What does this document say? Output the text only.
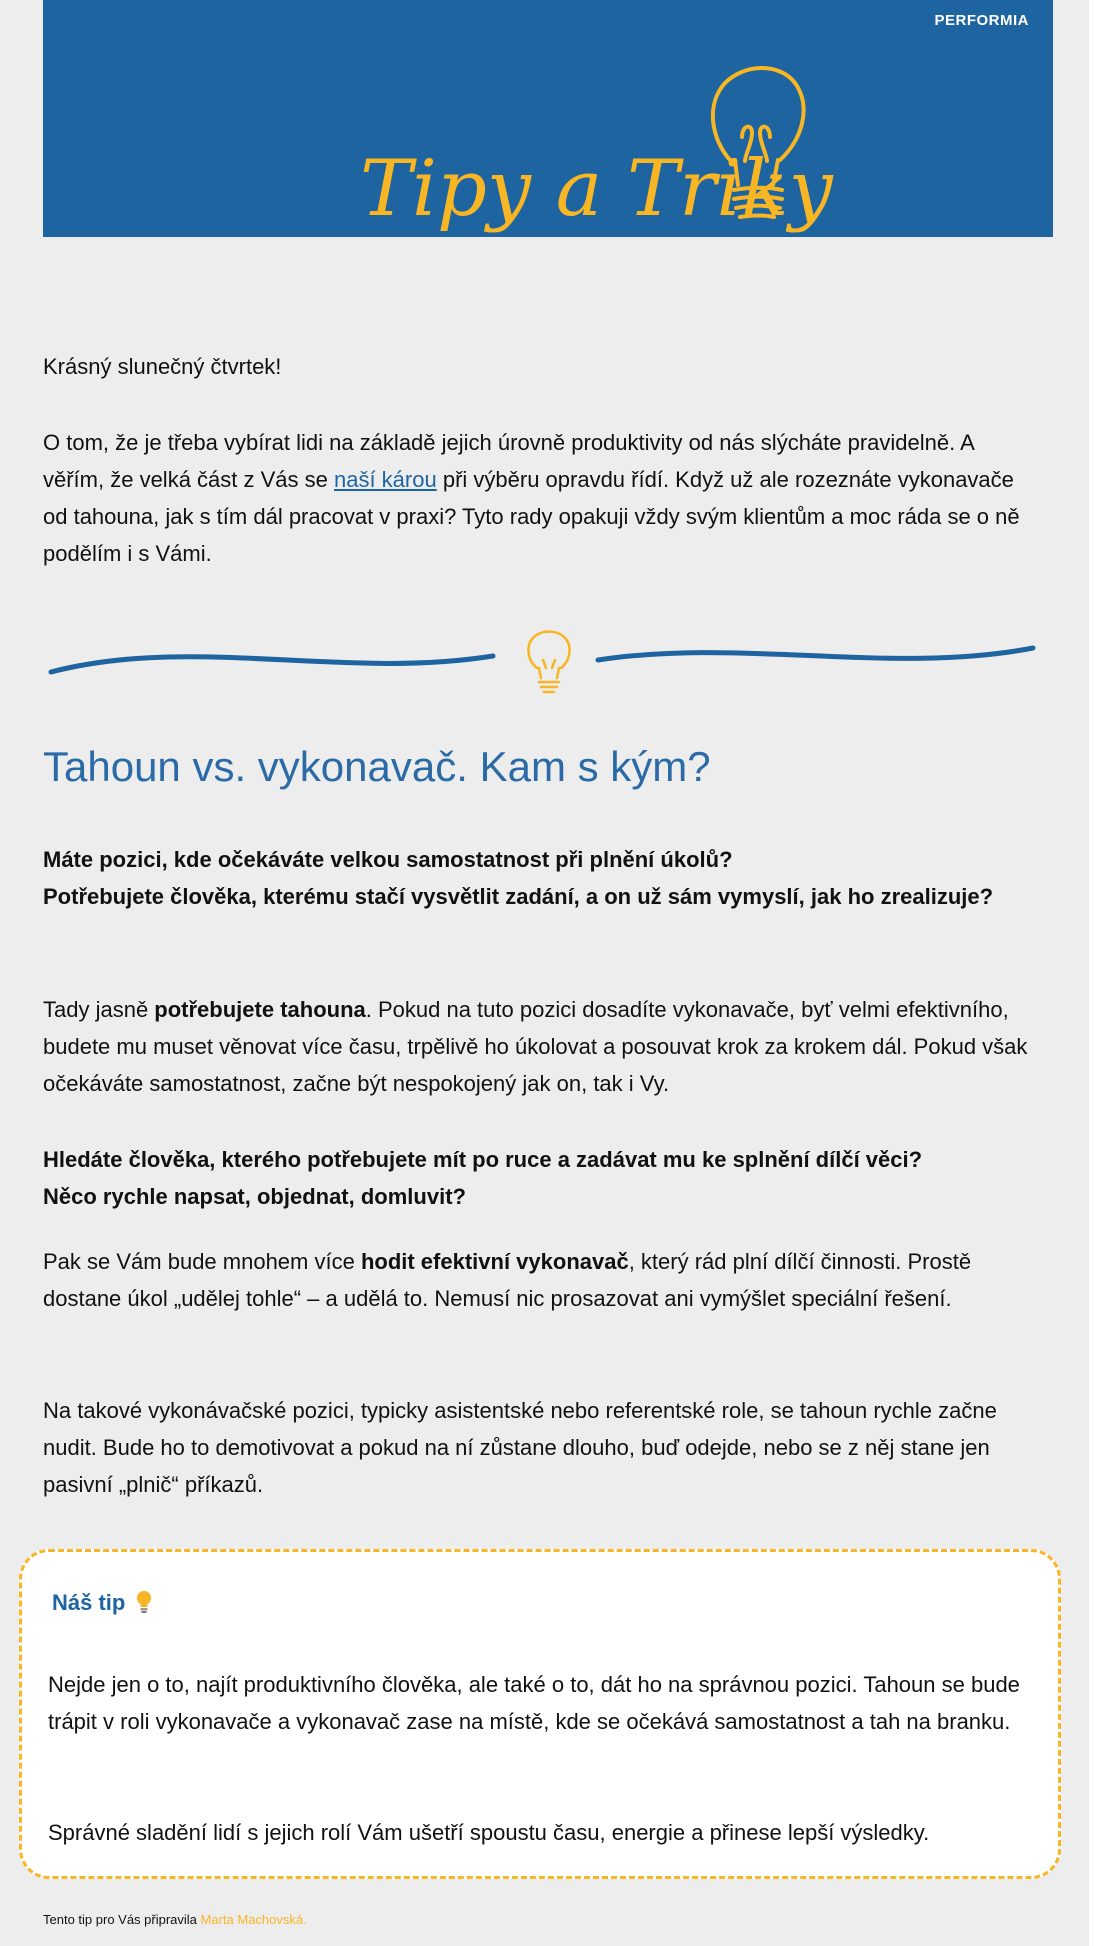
PERFORMIA
Tipy a Triky

Krásný slunečný čtvrtek!

O tom, že je třeba vybírat lidi na základě jejich úrovně produktivity od nás slýcháte pravidelně. A věřím, že velká část z Vás se naší károu při výběru opravdu řídí. Když už ale rozeznáte vykonavače od tahouna, jak s tím dál pracovat v praxi? Tyto rady opakuji vždy svým klientům a moc ráda se o ně podělím i s Vámi.

Tahoun vs. vykonavač. Kam s kým?

Máte pozici, kde očekáváte velkou samostatnost při plnění úkolů?

Potřebujete člověka, kterému stačí vysvětlit zadání, a on už sám vymyslí, jak ho zrealizuje?

Tady jasně potřebujete tahouna. Pokud na tuto pozici dosadíte vykonavače, byť velmi efektivního, budete mu muset věnovat více času, trpělivě ho úkolovat a posouvat krok za krokem dál. Pokud však očekáváte samostatnost, začne být nespokojený jak on, tak i Vy.

Hledáte člověka, kterého potřebujete mít po ruce a zadávat mu ke splnění dílčí věci?

Něco rychle napsat, objednat, domluvit?

Pak se Vám bude mnohem více hodit efektivní vykonavač, který rád plní dílčí činnosti. Prostě dostane úkol „udělej tohle“ – a udělá to. Nemusí nic prosazovat ani vymýšlet speciální řešení.

Na takové vykonávačské pozici, typicky asistentské nebo referentské role, se tahoun rychle začne nudit. Bude ho to demotivovat a pokud na ní zůstane dlouho, buď odejde, nebo se z něj stane jen pasivní „plnič“ příkazů.

Náš tip

Nejde jen o to, najít produktivního člověka, ale také o to, dát ho na správnou pozici. Tahoun se bude trápit v roli vykonavače a vykonavač zase na místě, kde se očekává samostatnost a tah na branku.

Správné sladění lidí s jejich rolí Vám ušetří spoustu času, energie a přinese lepší výsledky.

Tento tip pro Vás připravila Marta Machovská.
